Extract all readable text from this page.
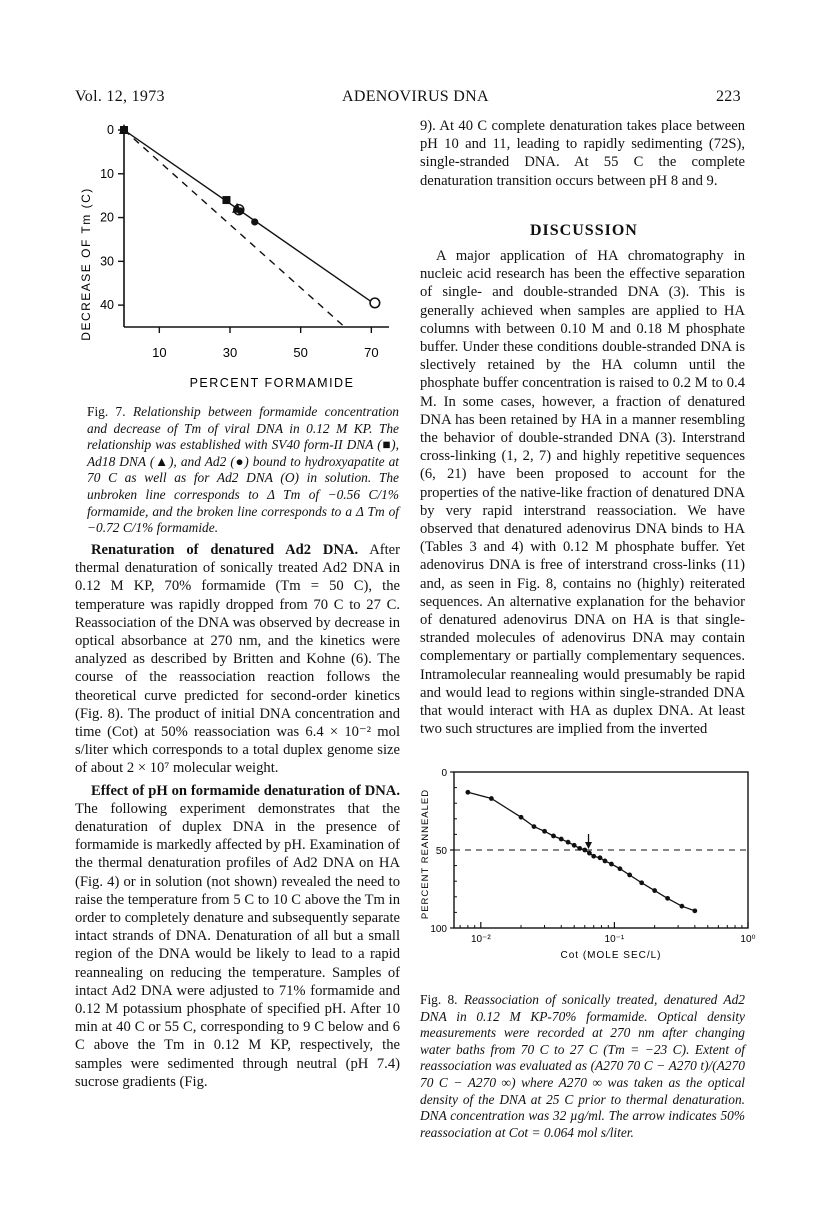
Vol. 12, 1973	ADENOVIRUS DNA	223
10	30	50	70
0
10
20
30
40
DECREASE OF Tm (C)
PERCENT FORMAMIDE
Fig. 7. Relationship between formamide concentration and decrease of Tm of viral DNA in 0.12 M KP. The relationship was established with SV40 form-II DNA (■), Ad18 DNA (▲), and Ad2 (●) bound to hydroxyapatite at 70 C as well as for Ad2 DNA (O) in solution. The unbroken line corresponds to Δ Tm of −0.56 C/1% formamide, and the broken line corresponds to a Δ Tm of −0.72 C/1% formamide.

Renaturation of denatured Ad2 DNA. After thermal denaturation of sonically treated Ad2 DNA in 0.12 M KP, 70% formamide (Tm = 50 C), the temperature was rapidly dropped from 70 C to 27 C. Reassociation of the DNA was observed by decrease in optical absorbance at 270 nm, and the kinetics were analyzed as described by Britten and Kohne (6). The course of the reassociation reaction follows the theoretical curve predicted for second-order kinetics (Fig. 8). The product of initial DNA concentration and time (Cot) at 50% reassociation was 6.4 × 10⁻² mol s/liter which corresponds to a total duplex genome size of about 2 × 10⁷ molecular weight.

Effect of pH on formamide denaturation of DNA. The following experiment demonstrates that the denaturation of duplex DNA in the presence of formamide is markedly affected by pH. Examination of the thermal denaturation profiles of Ad2 DNA on HA (Fig. 4) or in solution (not shown) revealed the need to raise the temperature from 5 C to 10 C above the Tm in order to completely denature and subsequently separate intact strands of DNA. Denaturation of all but a small region of the DNA would be likely to lead to a rapid reannealing on reducing the temperature. Samples of intact Ad2 DNA were adjusted to 71% formamide and 0.12 M potassium phosphate of specified pH. After 10 min at 40 C or 55 C, corresponding to 9 C below and 6 C above the Tm in 0.12 M KP, respectively, the samples were sedimented through neutral (pH 7.4) sucrose gradients (Fig.

9). At 40 C complete denaturation takes place between pH 10 and 11, leading to rapidly sedimenting (72S), single-stranded DNA. At 55 C the complete denaturation transition occurs between pH 8 and 9.

DISCUSSION

A major application of HA chromatography in nucleic acid research has been the effective separation of single- and double-stranded DNA (3). This is generally achieved when samples are applied to HA columns with between 0.10 M and 0.18 M phosphate buffer. Under these conditions double-stranded DNA is slectively retained by the HA column until the phosphate buffer concentration is raised to 0.2 M to 0.4 M. In some cases, however, a fraction of denatured DNA has been retained by HA in a manner resembling the behavior of double-stranded DNA (3). Interstrand cross-linking (1, 2, 7) and highly repetitive sequences (6, 21) have been proposed to account for the properties of the native-like fraction of denatured DNA by very rapid interstrand reassociation. We have observed that denatured adenovirus DNA binds to HA (Tables 3 and 4) with 0.12 M phosphate buffer. Yet adenovirus DNA is free of interstrand cross-links (11) and, as seen in Fig. 8, contains no (highly) reiterated sequences. An alternative explanation for the behavior of denatured adenovirus DNA on HA is that single-stranded molecules of adenovirus DNA may contain complementary or partially complementary sequences. Intramolecular reannealing would presumably be rapid and would lead to regions within single-stranded DNA that would interact with HA as duplex DNA. At least two such structures are implied from the inverted

0
50
100
10⁻²	10⁻¹	10⁰
PERCENT REANNEALED
Cot (MOLE SEC/L)
Fig. 8. Reassociation of sonically treated, denatured Ad2 DNA in 0.12 M KP-70% formamide. Optical density measurements were recorded at 270 nm after changing water baths from 70 C to 27 C (Tm = −23 C). Extent of reassociation was evaluated as (A270 70 C − A270 t)/(A270 70 C − A270 ∞) where A270 ∞ was taken as the optical density of the DNA at 25 C prior to thermal denaturation. DNA concentration was 32 µg/ml. The arrow indicates 50% reassociation at Cot = 0.064 mol s/liter.
